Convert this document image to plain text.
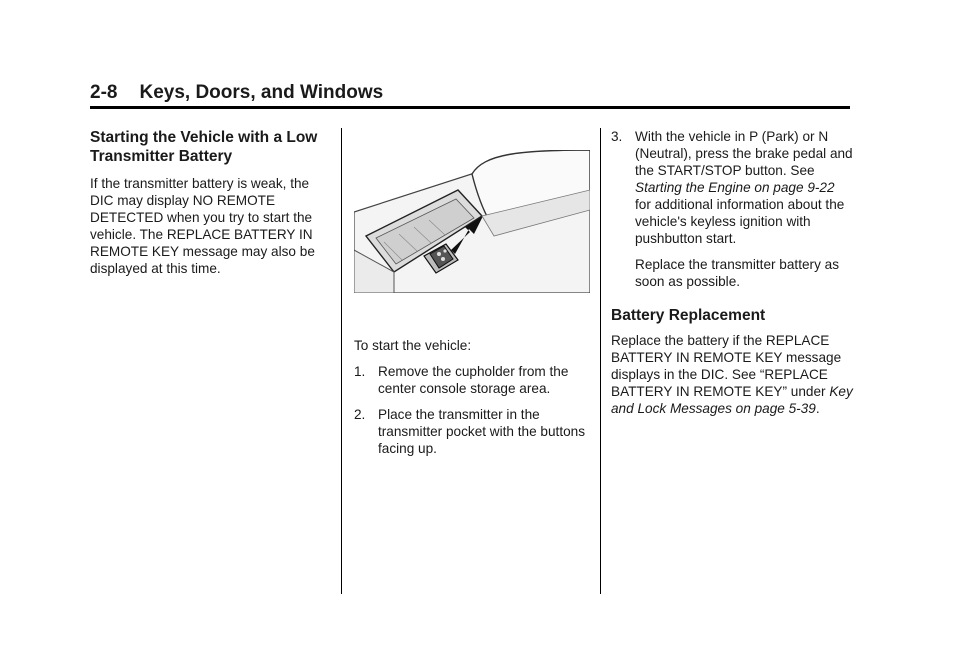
2-8 Keys, Doors, and Windows
Starting the Vehicle with a Low Transmitter Battery

If the transmitter battery is weak, the DIC may display NO REMOTE DETECTED when you try to start the vehicle. The REPLACE BATTERY IN REMOTE KEY message may also be displayed at this time.

To start the vehicle:

1. Remove the cupholder from the center console storage area.
2. Place the transmitter in the transmitter pocket with the buttons facing up.
3. With the vehicle in P (Park) or N (Neutral), press the brake pedal and the START/STOP button. See Starting the Engine on page 9-22 for additional information about the vehicle's keyless ignition with pushbutton start.

Replace the transmitter battery as soon as possible.

Battery Replacement

Replace the battery if the REPLACE BATTERY IN REMOTE KEY message displays in the DIC. See “REPLACE BATTERY IN REMOTE KEY” under Key and Lock Messages on page 5-39.
